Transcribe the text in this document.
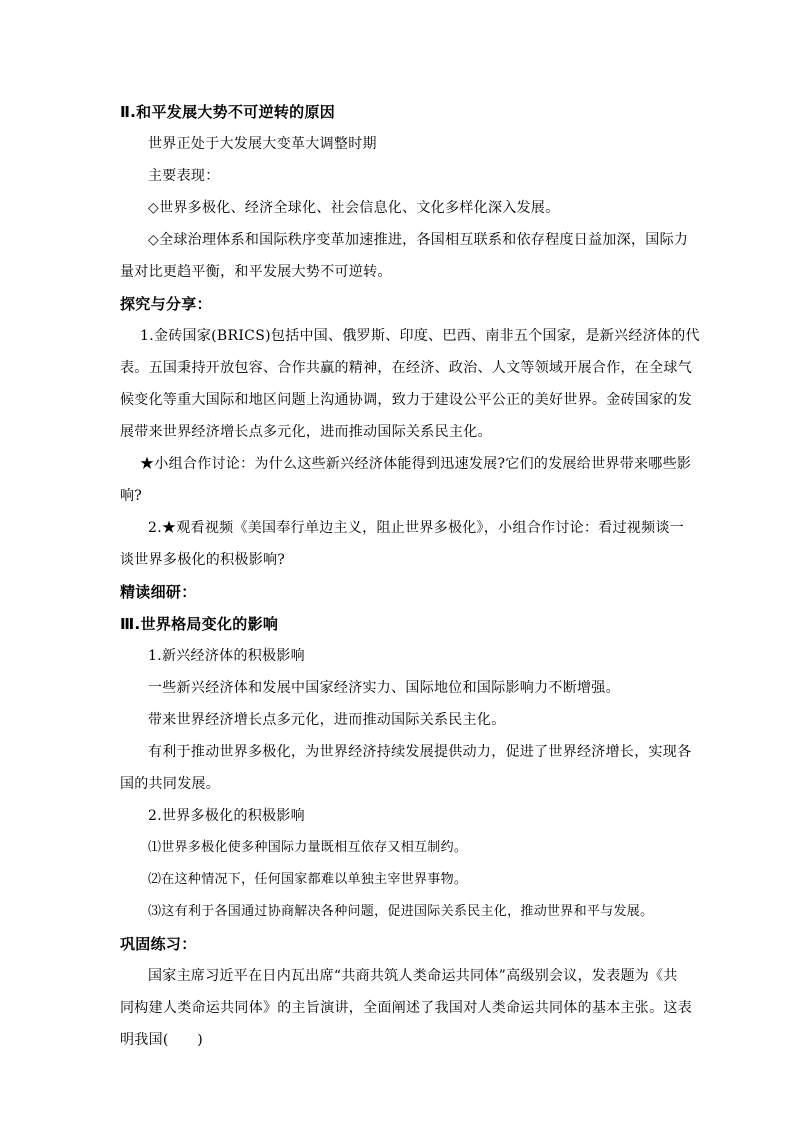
Ⅱ.和平发展大势不可逆转的原因
世界正处于大发展大变革大调整时期
主要表现：
◇世界多极化、经济全球化、社会信息化、文化多样化深入发展。
◇全球治理体系和国际秩序变革加速推进，各国相互联系和依存程度日益加深，国际力
量对比更趋平衡，和平发展大势不可逆转。
探究与分享：
1.金砖国家(BRICS)包括中国、俄罗斯、印度、巴西、南非五个国家，是新兴经济体的代
表。五国秉持开放包容、合作共赢的精神，在经济、政治、人文等领域开展合作，在全球气
候变化等重大国际和地区问题上沟通协调，致力于建设公平公正的美好世界。金砖国家的发
展带来世界经济增长点多元化，进而推动国际关系民主化。
★小组合作讨论：为什么这些新兴经济体能得到迅速发展?它们的发展给世界带来哪些影
响?
2.★观看视频《美国奉行单边主义，阻止世界多极化》，小组合作讨论：看过视频谈一
谈世界多极化的积极影响?
精读细研：
Ⅲ.世界格局变化的影响
1.新兴经济体的积极影响
一些新兴经济体和发展中国家经济实力、国际地位和国际影响力不断增强。
带来世界经济增长点多元化，进而推动国际关系民主化。
有利于推动世界多极化，为世界经济持续发展提供动力，促进了世界经济增长，实现各
国的共同发展。
2.世界多极化的积极影响
⑴世界多极化使多种国际力量既相互依存又相互制约。
⑵在这种情况下，任何国家都难以单独主宰世界事物。
⑶这有利于各国通过协商解决各种问题，促进国际关系民主化，推动世界和平与发展。
巩固练习：
国家主席习近平在日内瓦出席“共商共筑人类命运共同体”高级别会议，发表题为《共
同构建人类命运共同体》的主旨演讲，全面阐述了我国对人类命运共同体的基本主张。这表
明我国(　　)
